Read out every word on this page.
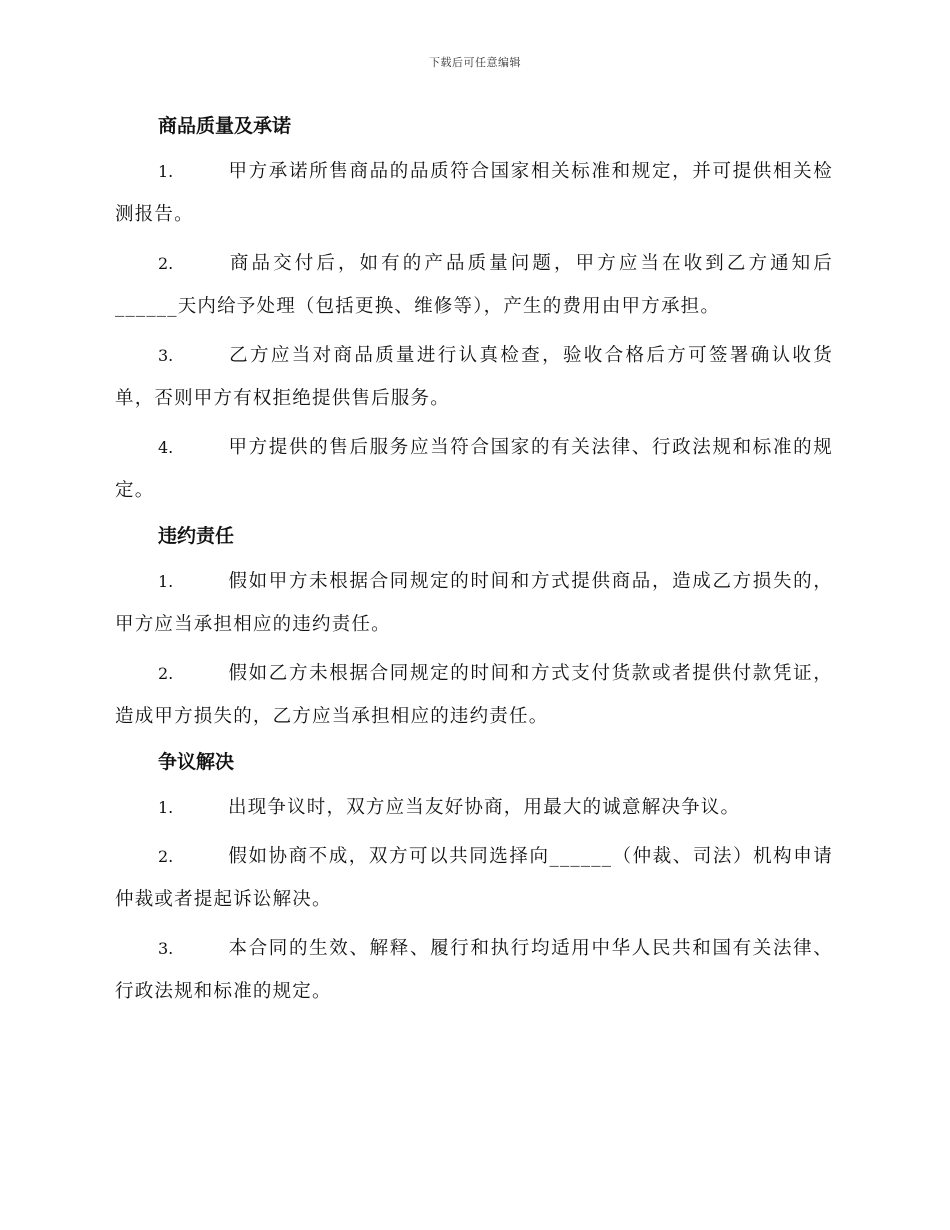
下载后可任意编辑
商品质量及承诺
1.	甲方承诺所售商品的品质符合国家相关标准和规定，并可提供相关检测报告。
2.	商品交付后，如有的产品质量问题，甲方应当在收到乙方通知后______天内给予处理（包括更换、维修等），产生的费用由甲方承担。
3.	乙方应当对商品质量进行认真检查，验收合格后方可签署确认收货单，否则甲方有权拒绝提供售后服务。
4.	甲方提供的售后服务应当符合国家的有关法律、行政法规和标准的规定。
违约责任
1.	假如甲方未根据合同规定的时间和方式提供商品，造成乙方损失的，甲方应当承担相应的违约责任。
2.	假如乙方未根据合同规定的时间和方式支付货款或者提供付款凭证，造成甲方损失的，乙方应当承担相应的违约责任。
争议解决
1.	出现争议时，双方应当友好协商，用最大的诚意解决争议。
2.	假如协商不成，双方可以共同选择向______（仲裁、司法）机构申请仲裁或者提起诉讼解决。
3.	本合同的生效、解释、履行和执行均适用中华人民共和国有关法律、行政法规和标准的规定。
